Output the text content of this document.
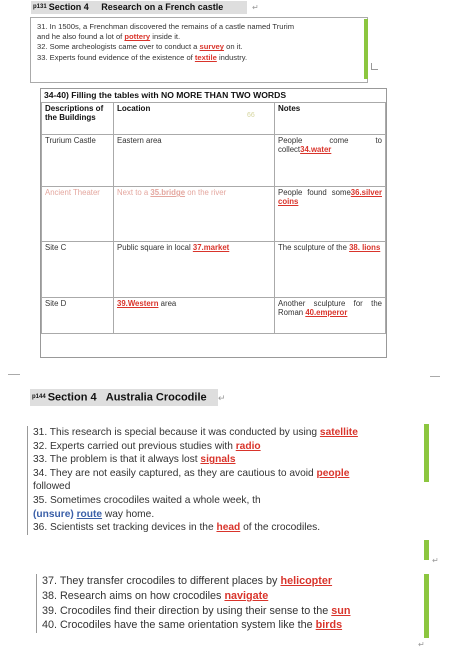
p131 Section 4 Research on a French castle	↵
31. In 1500s, a Frenchman discovered the remains of a castle named Trurim
and he also found a lot of pottery inside it.
32. Some archeologists came over to conduct a survey on it.
33. Experts found evidence of the existence of textile industry.
34-40) Filling the tables with NO MORE THAN TWO WORDS
Descriptions of the Buildings	Location	Notes
Trurium Castle	Eastern area	People come to collect34.water
Ancient Theater	Next to a 35.bridge on the river	People found some36.silver coins
Site C	Public square in local 37.market	The sculpture of the 38. lions
Site D	39.Western area	Another sculpture for the Roman 40.emperor
66
p144 Section 4 Australia Crocodile	↵
31. This research is special because it was conducted by using satellite
32. Experts carried out previous studies with radio
33. The problem is that it always lost signals
34. They are not easily captured, as they are cautious to avoid people
followed
35. Sometimes crocodiles waited a whole week, th
(unsure) route way home.
36. Scientists set tracking devices in the head of the crocodiles.
↵
37. They transfer crocodiles to different places by helicopter
38. Research aims on how crocodiles navigate
39. Crocodiles find their direction by using their sense to the sun
40. Crocodiles have the same orientation system like the birds
↵
